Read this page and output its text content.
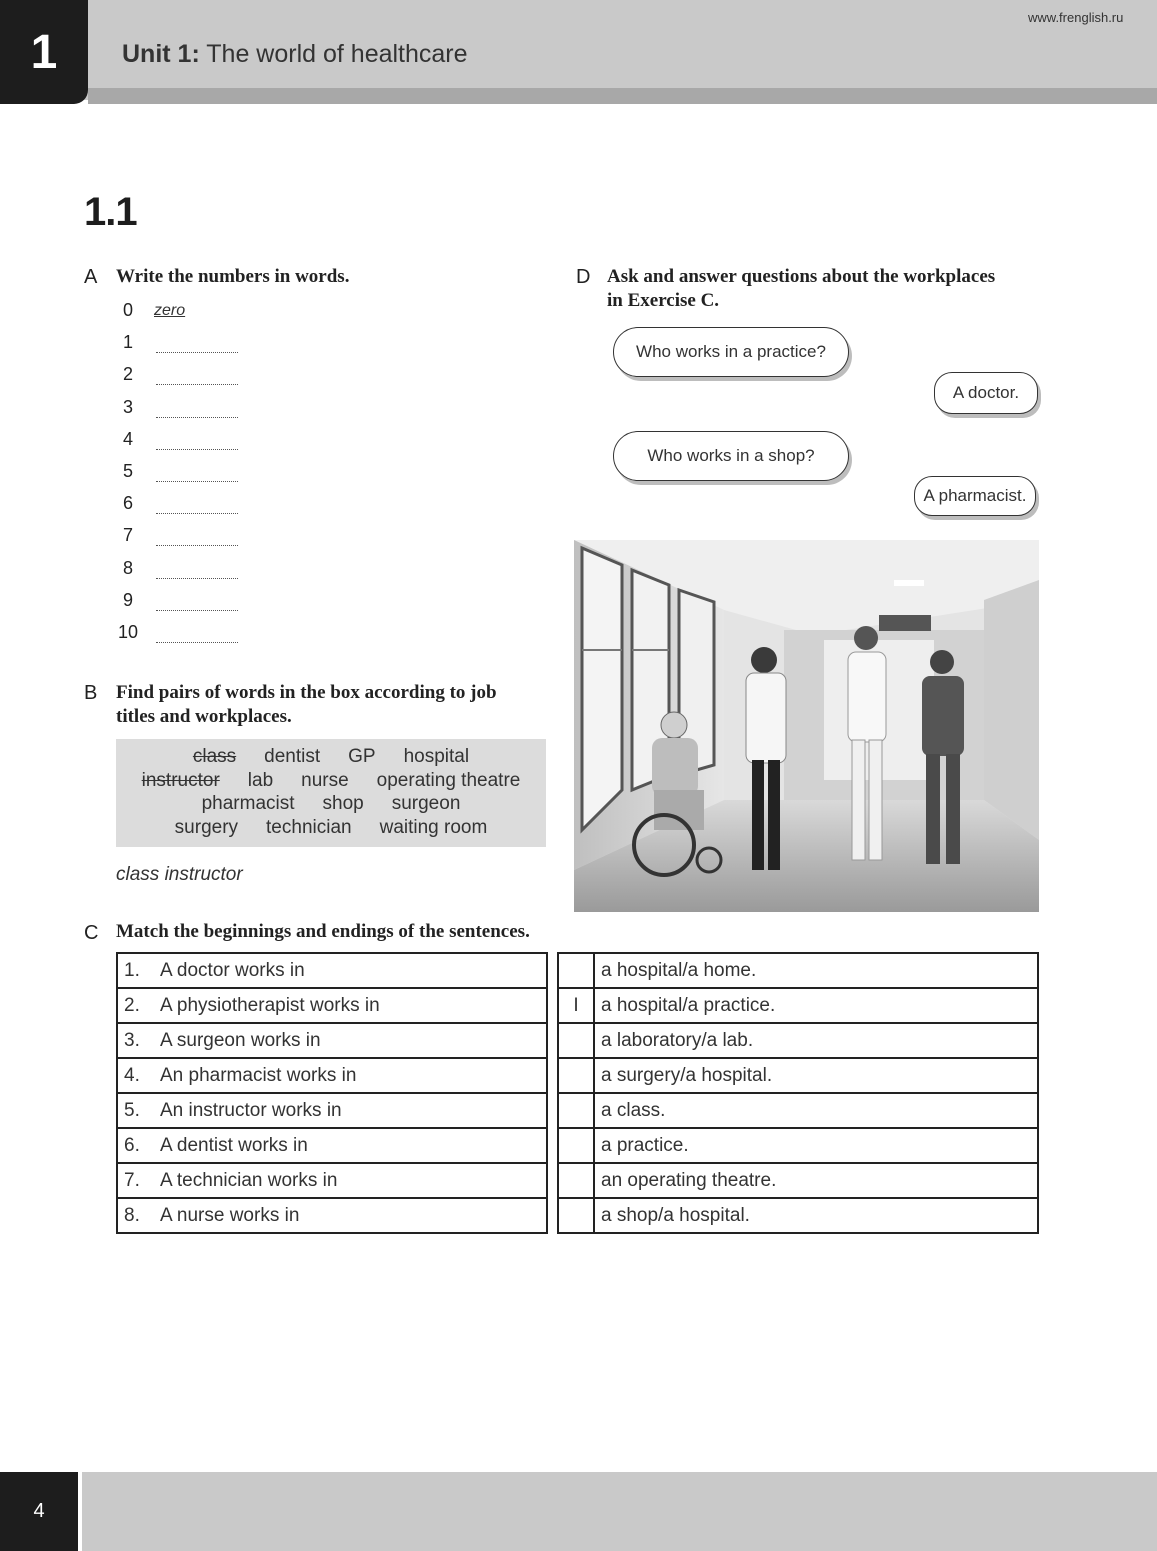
1	Unit 1: The world of healthcare
www.frenglish.ru
1.1
A Write the numbers in words.
0	zero
1
2
3
4
5
6
7
8
9
10
B Find pairs of words in the box according to job
titles and workplaces.
class dentist GP hospital
instructor lab nurse operating theatre
pharmacist shop surgeon
surgery technician waiting room
class instructor
C Match the beginnings and endings of the sentences.
1.	A doctor works in
2.	A physiotherapist works in
3.	A surgeon works in
4.	An pharmacist works in
5.	An instructor works in
6.	A dentist works in
7.	A technician works in
8.	A nurse works in
	a hospital/a home.
I	a hospital/a practice.
	a laboratory/a lab.
	a surgery/a hospital.
	a class.
	a practice.
	an operating theatre.
	a shop/a hospital.
D Ask and answer questions about the workplaces
in Exercise C.
Who works in a practice?
A doctor.
Who works in a shop?
A pharmacist.
4
